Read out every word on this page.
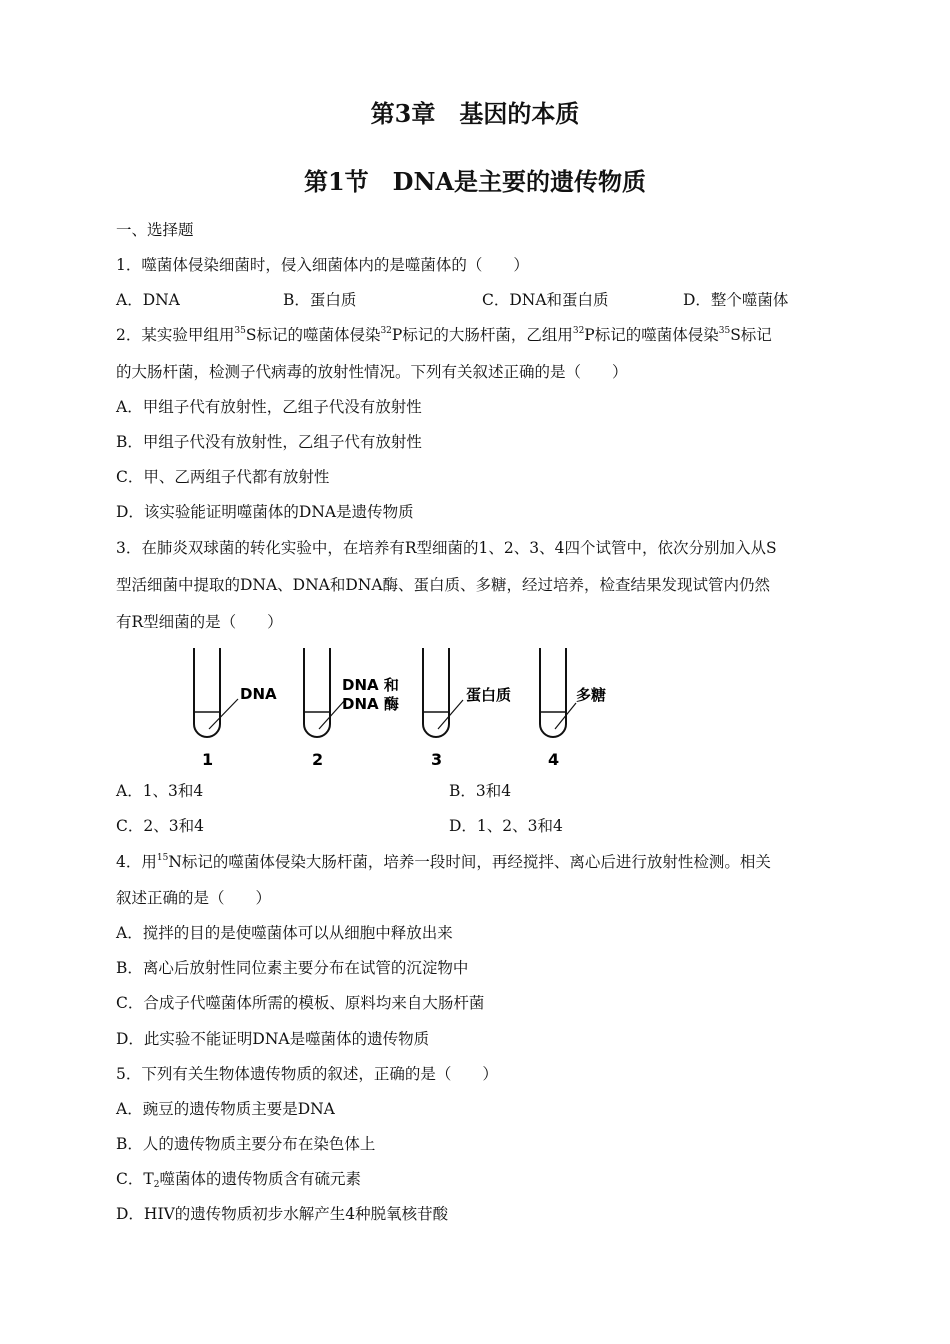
第3章 基因的本质
第1节 DNA是主要的遗传物质
一、选择题
1．噬菌体侵染细菌时，侵入细菌体内的是噬菌体的（　　）
A．DNA	B．蛋白质	C．DNA和蛋白质	D．整个噬菌体
2．某实验甲组用$^{35}$S标记的噬菌体侵染$^{32}$P标记的大肠杆菌，乙组用$^{32}$P标记的噬菌体侵染$^{35}$S标记
的大肠杆菌，检测子代病毒的放射性情况。下列有关叙述正确的是（　　）
A．甲组子代有放射性，乙组子代没有放射性
B．甲组子代没有放射性，乙组子代有放射性
C．甲、乙两组子代都有放射性
D．该实验能证明噬菌体的DNA是遗传物质
3．在肺炎双球菌的转化实验中，在培养有R型细菌的1、2、3、4四个试管中，依次分别加入从S
型活细菌中提取的DNA、DNA和DNA酶、蛋白质、多糖，经过培养，检查结果发现试管内仍然
有R型细菌的是（　　）
DNA
1
DNA 和
DNA 酶
2
蛋白质
3
多糖
4
A．1、3和4	B．3和4
C．2、3和4	D．1、2、3和4
4．用$^{15}$N标记的噬菌体侵染大肠杆菌，培养一段时间，再经搅拌、离心后进行放射性检测。相关
叙述正确的是（　　）
A．搅拌的目的是使噬菌体可以从细胞中释放出来
B．离心后放射性同位素主要分布在试管的沉淀物中
C．合成子代噬菌体所需的模板、原料均来自大肠杆菌
D．此实验不能证明DNA是噬菌体的遗传物质
5．下列有关生物体遗传物质的叙述，正确的是（　　）
A．豌豆的遗传物质主要是DNA
B．人的遗传物质主要分布在染色体上
C．$T_2$噬菌体的遗传物质含有硫元素
D．HIV的遗传物质初步水解产生4种脱氧核苷酸
